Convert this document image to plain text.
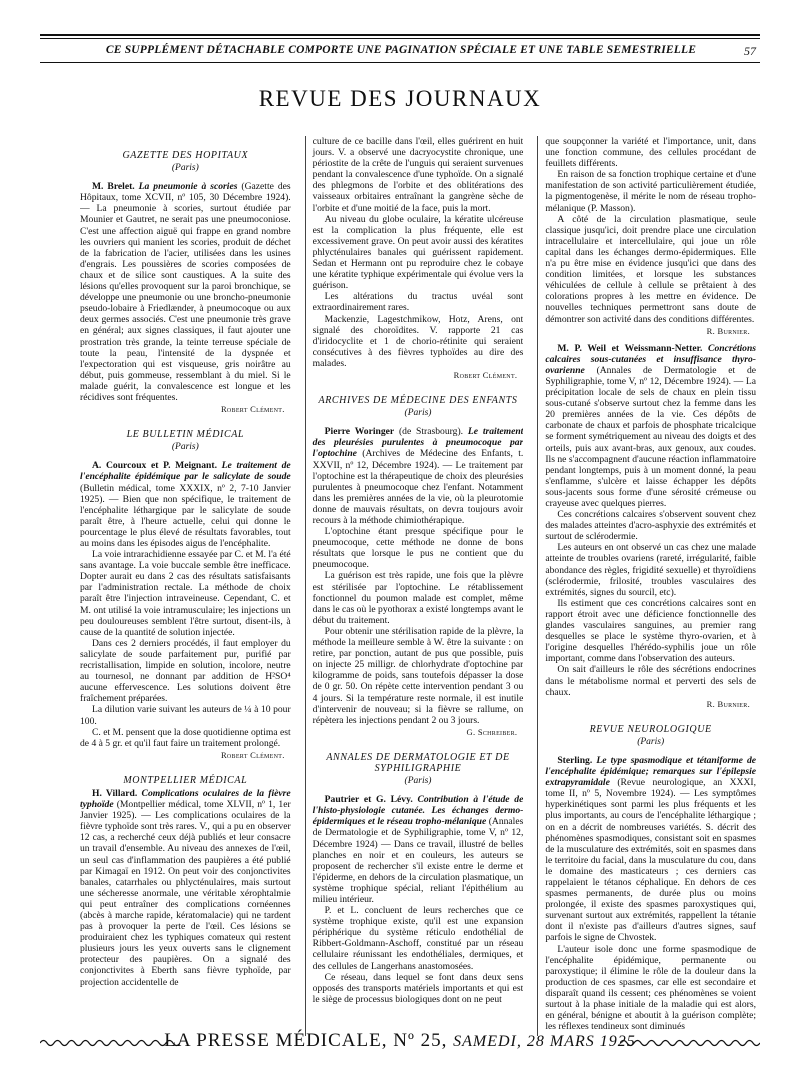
CE SUPPLÉMENT DÉTACHABLE COMPORTE UNE PAGINATION SPÉCIALE ET UNE TABLE SEMESTRIELLE	57
REVUE DES JOURNAUX
GAZETTE DES HOPITAUX
(Paris)

M. Brelet. La pneumonie à scories (Gazette des Hôpitaux, tome XCVII, nº 105, 30 Décembre 1924). — La pneumonie à scories, surtout étudiée par Mounier et Gautret, ne serait pas une pneumoconiose. C'est une affection aiguë qui frappe en grand nombre les ouvriers qui manient les scories, produit de déchet de la fabrication de l'acier, utilisées dans les usines d'engrais. Les poussières de scories composées de chaux et de silice sont caustiques. A la suite des lésions qu'elles provoquent sur la paroi bronchique, se développe une pneumonie ou une broncho-pneumonie pseudo-lobaire à Friedlænder, à pneumocoque ou aux deux germes associés. C'est une pneumonie très grave en général; aux signes classiques, il faut ajouter une prostration très grande, la teinte terreuse spéciale de toute la peau, l'intensité de la dyspnée et l'expectoration qui est visqueuse, gris noirâtre au début, puis gommeuse, ressemblant à du miel. Si le malade guérit, la convalescence est longue et les récidives sont fréquentes.

Robert Clément.
LE BULLETIN MÉDICAL
(Paris)

A. Courcoux et P. Meignant. Le traitement de l'encéphalite épidémique par le salicylate de soude (Bulletin médical, tome XXXIX, nº 2, 7-10 Janvier 1925). — Bien que non spécifique, le traitement de l'encéphalite léthargique par le salicylate de soude paraît être, à l'heure actuelle, celui qui donne le pourcentage le plus élevé de résultats favorables, tout au moins dans les épisodes aigus de l'encéphalite.

La voie intrarachidienne essayée par C. et M. l'a été sans avantage. La voie buccale semble être inefficace. Dopter aurait eu dans 2 cas des résultats satisfaisants par l'administration rectale. La méthode de choix paraît être l'injection intraveineuse. Cependant, C. et M. ont utilisé la voie intramusculaire; les injections un peu douloureuses semblent l'être surtout, disent-ils, à cause de la quantité de solution injectée.

Dans ces 2 derniers procédés, il faut employer du salicylate de soude parfaitement pur, purifié par recristallisation, limpide en solution, incolore, neutre au tournesol, ne donnant par addition de H²SO⁴ aucune effervescence. Les solutions doivent être fraîchement préparées.

La dilution varie suivant les auteurs de ¼ à 10 pour 100.

C. et M. pensent que la dose quotidienne optima est de 4 à 5 gr. et qu'il faut faire un traitement prolongé.

Robert Clément.
MONTPELLIER MÉDICAL

H. Villard. Complications oculaires de la fièvre typhoïde (Montpellier médical, tome XLVII, nº 1, 1er Janvier 1925). — Les complications oculaires de la fièvre typhoïde sont très rares. V., qui a pu en observer 12 cas, a recherché ceux déjà publiés et leur consacre un travail d'ensemble. Au niveau des annexes de l'œil, un seul cas d'inflammation des paupières a été publié par Kimagaï en 1912. On peut voir des conjonctivites banales, catarrhales ou phlycténulaires, mais surtout une sécheresse anormale, une véritable xérophtalmie qui peut entraîner des complications cornéennes (abcès à marche rapide, kératomalacie) qui ne tardent pas à provoquer la perte de l'œil. Ces lésions se produiraient chez les typhiques comateux qui restent plusieurs jours les yeux ouverts sans le clignement protecteur des paupières. On a signalé des conjonctivites à Eberth sans fièvre typhoïde, par projection accidentelle de

culture de ce bacille dans l'œil, elles guérirent en huit jours. V. a observé une dacryocystite chronique, une périostite de la crête de l'unguis qui seraient survenues pendant la convalescence d'une typhoïde. On a signalé des phlegmons de l'orbite et des oblitérations des vaisseaux orbitaires entraînant la gangrène sèche de l'orbite et d'une moitié de la face, puis la mort.

Au niveau du globe oculaire, la kératite ulcéreuse est la complication la plus fréquente, elle est excessivement grave. On peut avoir aussi des kératites phlycténulaires banales qui guérissent rapidement. Sedan et Hermann ont pu reproduire chez le cobaye une kératite typhique expérimentale qui évolue vers la guérison.

Les altérations du tractus uvéal sont extraordinairement rares.

Mackenzie, Lagestchmikow, Hotz, Arens, ont signalé des choroïdites. V. rapporte 21 cas d'iridocyclite et 1 de chorio-rétinite qui seraient consécutives à des fièvres typhoïdes au dire des malades.

Robert Clément.
ARCHIVES DE MÉDECINE DES ENFANTS
(Paris)

Pierre Woringer (de Strasbourg). Le traitement des pleurésies purulentes à pneumocoque par l'optochine (Archives de Médecine des Enfants, t. XXVII, nº 12, Décembre 1924). — Le traitement par l'optochine est la thérapeutique de choix des pleurésies purulentes à pneumocoque chez l'enfant. Notamment dans les premières années de la vie, où la pleurotomie donne de mauvais résultats, on devra toujours avoir recours à la méthode chimiothérapique.

L'optochine étant presque spécifique pour le pneumocoque, cette méthode ne donne de bons résultats que lorsque le pus ne contient que du pneumocoque.

La guérison est très rapide, une fois que la plèvre est stérilisée par l'optochine. Le rétablissement fonctionnel du poumon malade est complet, même dans le cas où le pyothorax a existé longtemps avant le début du traitement.

Pour obtenir une stérilisation rapide de la plèvre, la méthode la meilleure semble à W. être la suivante : on retire, par ponction, autant de pus que possible, puis on injecte 25 milligr. de chlorhydrate d'optochine par kilogramme de poids, sans toutefois dépasser la dose de 0 gr. 50. On répète cette intervention pendant 3 ou 4 jours. Si la température reste normale, il est inutile d'intervenir de nouveau; si la fièvre se rallume, on répètera les injections pendant 2 ou 3 jours.

G. Schreiber.
ANNALES DE DERMATOLOGIE ET DE SYPHILIGRAPHIE
(Paris)

Pautrier et G. Lévy. Contribution à l'étude de l'histo-physiologie cutanée. Les échanges dermo-épidermiques et le réseau tropho-mélanique (Annales de Dermatologie et de Syphiligraphie, tome V, nº 12, Décembre 1924) — Dans ce travail, illustré de belles planches en noir et en couleurs, les auteurs se proposent de rechercher s'il existe entre le derme et l'épiderme, en dehors de la circulation plasmatique, un système trophique spécial, reliant l'épithélium au milieu intérieur.

P. et L. concluent de leurs recherches que ce système trophique existe, qu'il est une expansion périphérique du système réticulo endothélial de Ribbert-Goldmann-Aschoff, constitué par un réseau cellulaire réunissant les endothéliales, dermiques, et des cellules de Langerhans anastomosées.

Ce réseau, dans lequel se font dans deux sens opposés des transports matériels importants et qui est le siège de processus biologiques dont on ne peut

que soupçonner la variété et l'importance, unit, dans une fonction commune, des cellules procédant de feuillets différents.

En raison de sa fonction trophique certaine et d'une manifestation de son activité particulièrement étudiée, la pigmentogenèse, il mérite le nom de réseau tropho-mélanique (P. Masson).

A côté de la circulation plasmatique, seule classique jusqu'ici, doit prendre place une circulation intracellulaire et intercellulaire, qui joue un rôle capital dans les échanges dermo-épidermiques. Elle n'a pu être mise en évidence jusqu'ici que dans des condition limitées, et lorsque les substances véhiculées de cellule à cellule se prêtaient à des colorations propres à les mettre en évidence. De nouvelles techniques permettront sans doute de démontrer son activité dans des conditions différentes.

R. Burnier.

M. P. Weil et Weissmann-Netter. Concrétions calcaires sous-cutanées et insuffisance thyro-ovarienne (Annales de Dermatologie et de Syphiligraphie, tome V, nº 12, Décembre 1924). — La précipitation locale de sels de chaux en plein tissu sous-cutané s'observe surtout chez la femme dans les 20 premières années de la vie. Ces dépôts de carbonate de chaux et parfois de phosphate tricalcique se forment symétriquement au niveau des doigts et des orteils, puis aux avant-bras, aux genoux, aux coudes. Ils ne s'accompagnent d'aucune réaction inflammatoire pendant longtemps, puis à un moment donné, la peau s'enflamme, s'ulcère et laisse échapper les dépôts sous-jacents sous forme d'une sérosité crémeuse ou crayeuse avec quelques pierres.

Ces concrétions calcaires s'observent souvent chez des malades atteintes d'acro-asphyxie des extrémités et surtout de sclérodermie.

Les auteurs en ont observé un cas chez une malade atteinte de troubles ovariens (rareté, irrégularité, faible abondance des règles, frigidité sexuelle) et thyroïdiens (sclérodermie, frilosité, troubles vasculaires des extrémités, signes du sourcil, etc).

Ils estiment que ces concrétions calcaires sont en rapport étroit avec une déficience fonctionnelle des glandes vasculaires sanguines, au premier rang desquelles se place le système thyro-ovarien, et à l'origine desquelles l'hérédo-syphilis joue un rôle important, comme dans l'observation des auteurs.

On sait d'ailleurs le rôle des sécrétions endocrines dans le métabolisme normal et perverti des sels de chaux.

R. Burnier.
REVUE NEUROLOGIQUE
(Paris)

Sterling. Le type spasmodique et tétaniforme de l'encéphalite épidémique; remarques sur l'épilepsie extrapyramidale (Revue neurologique, an XXXI, tome II, nº 5, Novembre 1924). — Les symptômes hyperkinétiques sont parmi les plus fréquents et les plus importants, au cours de l'encéphalite léthargique ; on en a décrit de nombreuses variétés. S. décrit des phénomènes spasmodiques, consistant soit en spasmes de la musculature des extrémités, soit en spasmes dans le territoire du facial, dans la musculature du cou, dans le domaine des masticateurs ; ces derniers cas rappelaient le tétanos céphalique. En dehors de ces spasmes permanents, de durée plus ou moins prolongée, il existe des spasmes paroxystiques qui, survenant surtout aux extrémités, rappellent la tétanie dont il n'existe pas d'ailleurs d'autres signes, sauf parfois le signe de Chvostek.

L'auteur isole donc une forme spasmodique de l'encéphalite épidémique, permanente ou paroxystique; il élimine le rôle de la douleur dans la production de ces spasmes, car elle est secondaire et disparaît quand ils cessent; ces phénomènes se voient surtout à la phase initiale de la maladie qui est alors, en général, bénigne et aboutit à la guérison complète; les réflexes tendineux sont diminués

LA PRESSE MÉDICALE, Nº 25, SAMEDI, 28 MARS 1925
